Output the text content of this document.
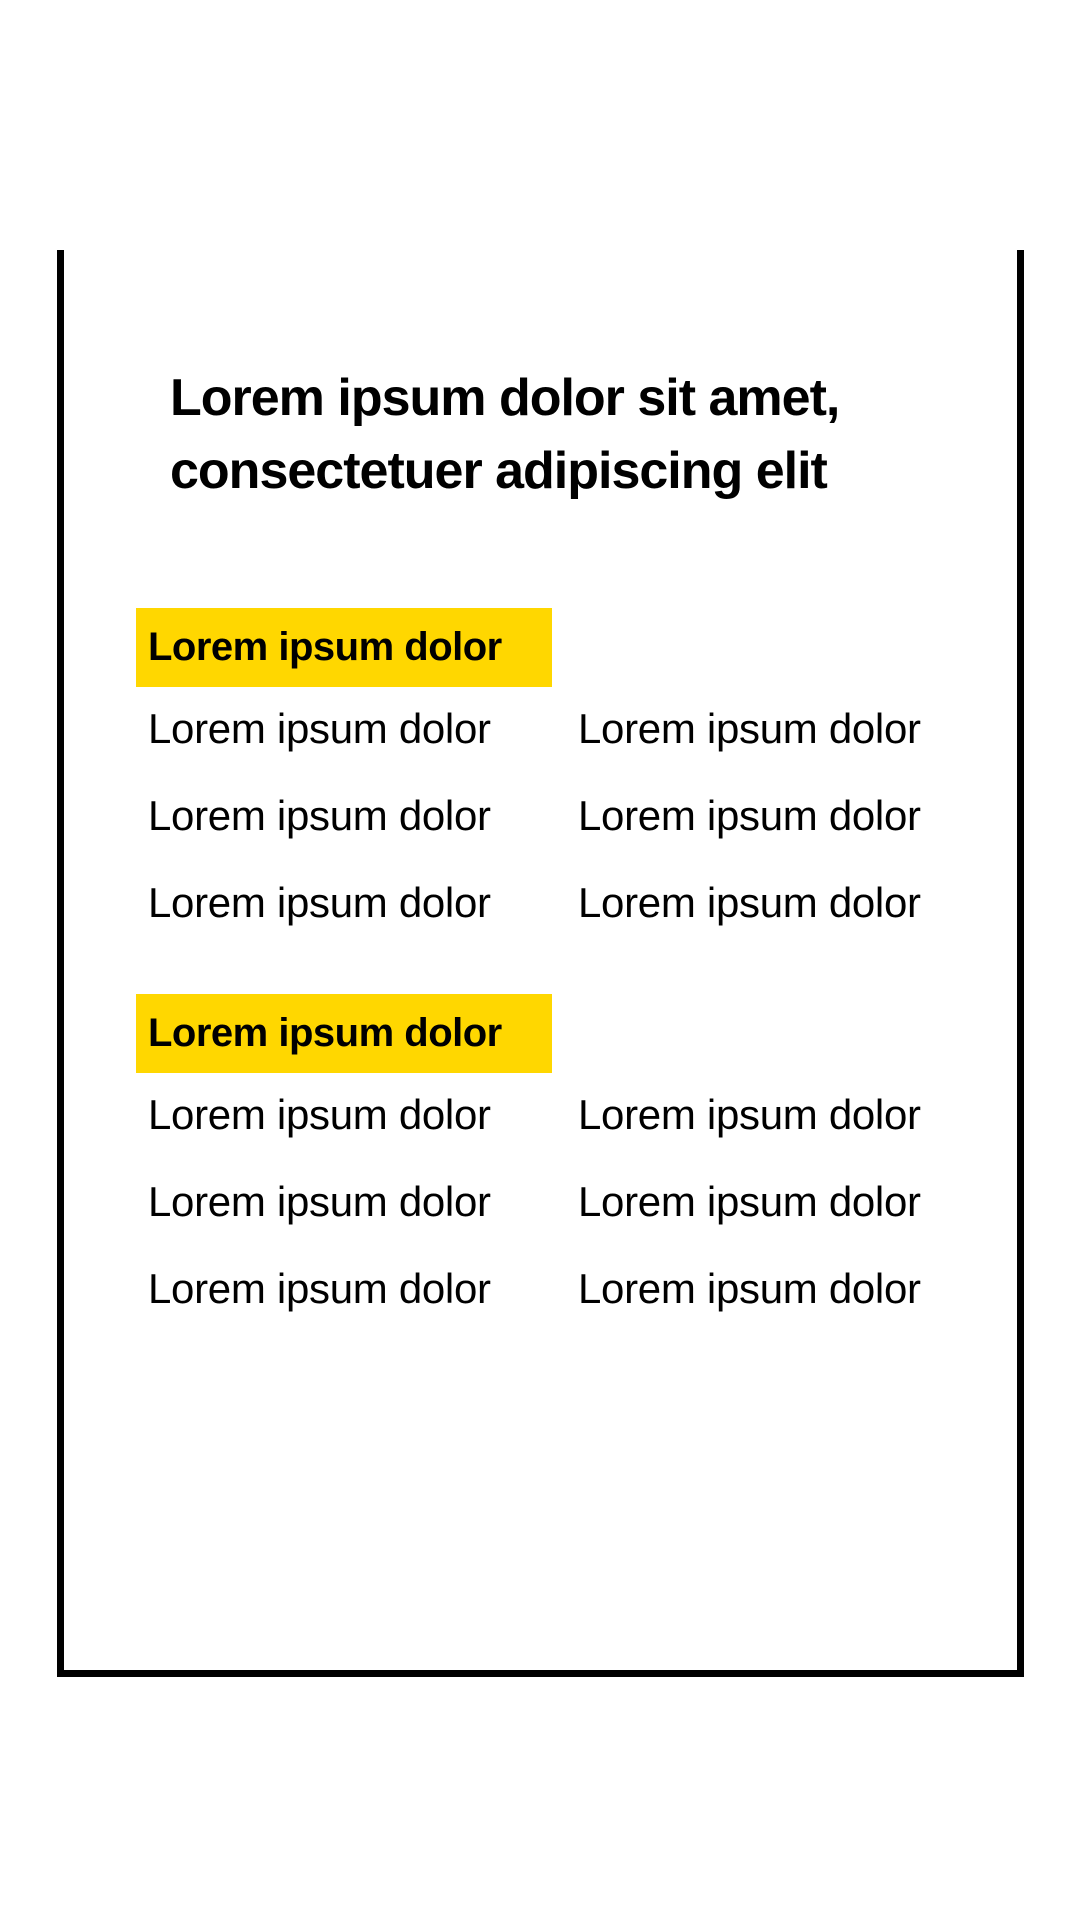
Lorem ipsum dolor sit amet,
consectetuer adipiscing elit
Lorem ipsum dolor
Lorem ipsum dolor	Lorem ipsum dolor
Lorem ipsum dolor	Lorem ipsum dolor
Lorem ipsum dolor	Lorem ipsum dolor
Lorem ipsum dolor
Lorem ipsum dolor	Lorem ipsum dolor
Lorem ipsum dolor	Lorem ipsum dolor
Lorem ipsum dolor	Lorem ipsum dolor
